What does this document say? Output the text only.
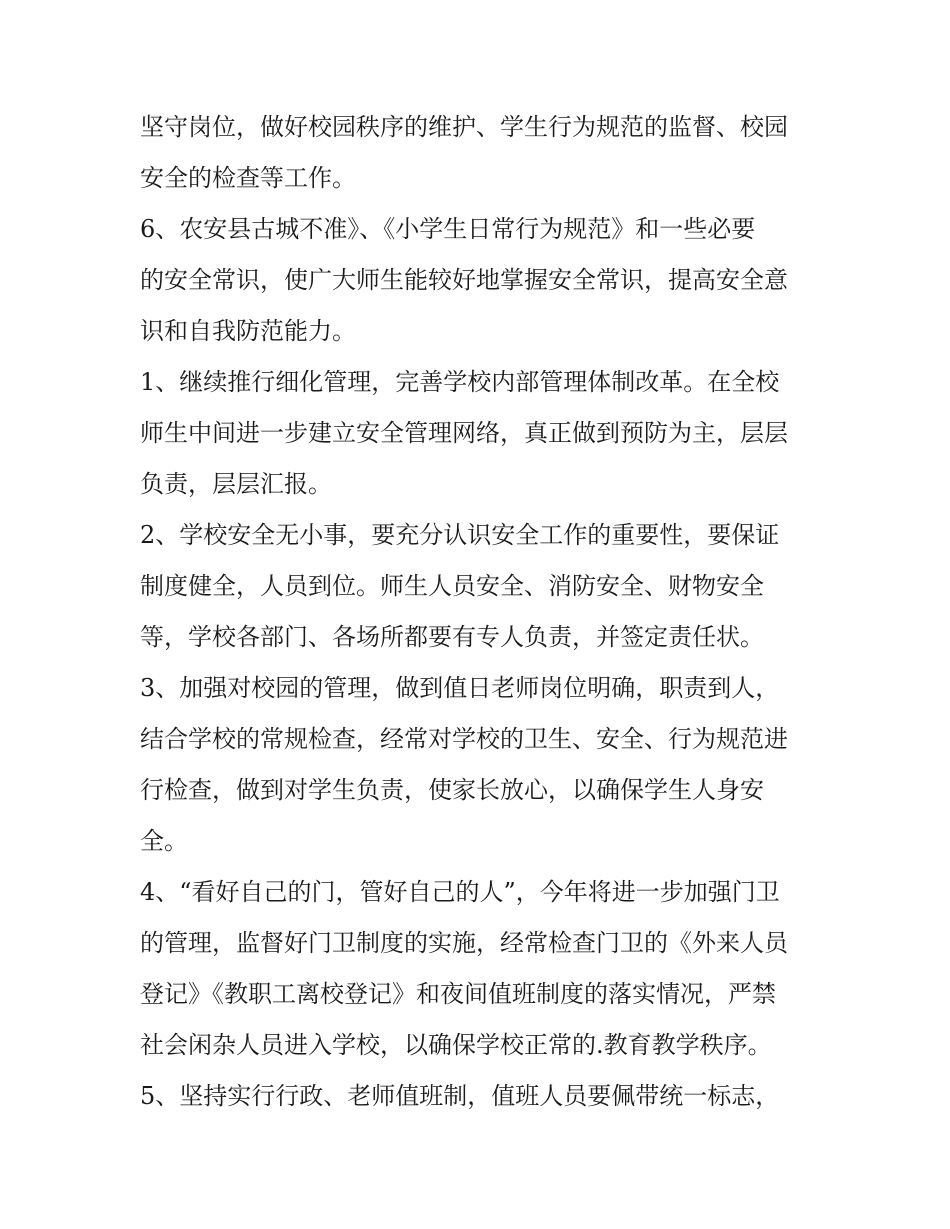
坚守岗位，做好校园秩序的维护、学生行为规范的监督、校园
安全的检查等工作。
6、农安县古城不准》、《小学生日常行为规范》和一些必要
的安全常识，使广大师生能较好地掌握安全常识，提高安全意
识和自我防范能力。
1、继续推行细化管理，完善学校内部管理体制改革。在全校
师生中间进一步建立安全管理网络，真正做到预防为主，层层
负责，层层汇报。
2、学校安全无小事，要充分认识安全工作的重要性，要保证
制度健全，人员到位。师生人员安全、消防安全、财物安全
等，学校各部门、各场所都要有专人负责，并签定责任状。
3、加强对校园的管理，做到值日老师岗位明确，职责到人，
结合学校的常规检查，经常对学校的卫生、安全、行为规范进
行检查，做到对学生负责，使家长放心，以确保学生人身安
全。
4、“看好自己的门，管好自己的人”，今年将进一步加强门卫
的管理，监督好门卫制度的实施，经常检查门卫的《外来人员
登记》《教职工离校登记》和夜间值班制度的落实情况，严禁
社会闲杂人员进入学校，以确保学校正常的.教育教学秩序。
5、坚持实行行政、老师值班制，值班人员要佩带统一标志，
